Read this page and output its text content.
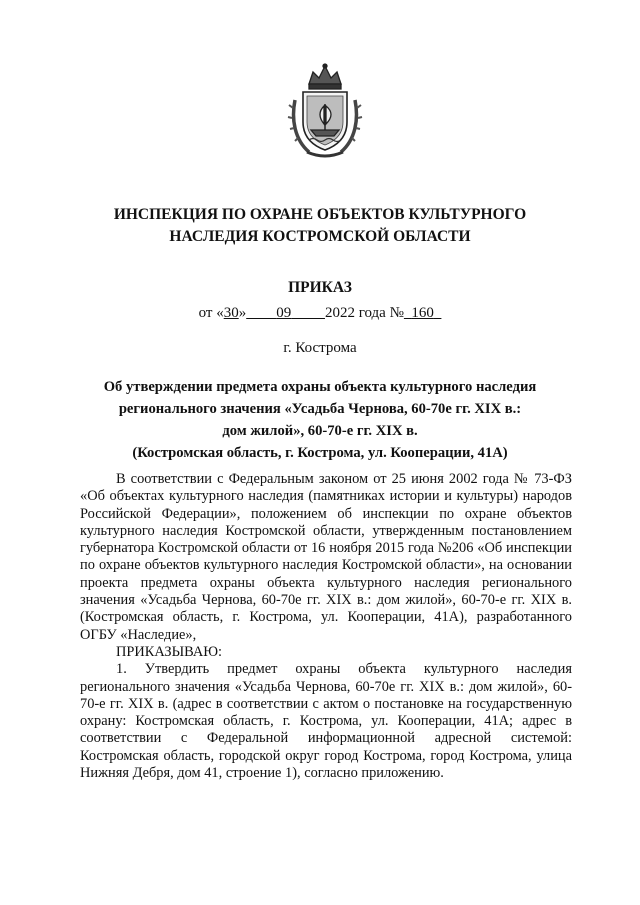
ИНСПЕКЦИЯ ПО ОХРАНЕ ОБЪЕКТОВ КУЛЬТУРНОГО
НАСЛЕДИЯ КОСТРОМСКОЙ ОБЛАСТИ
ПРИКАЗ
от «30» 09 2022 года № 160
г. Кострома
Об утверждении предмета охраны объекта культурного наследия
регионального значения «Усадьба Чернова, 60-70е гг. XIX в.:
дом жилой», 60-70-е гг. XIX в.
(Костромская область, г. Кострома, ул. Кооперации, 41А)

В соответствии с Федеральным законом от 25 июня 2002 года № 73-ФЗ «Об объектах культурного наследия (памятниках истории и культуры) народов Российской Федерации», положением об инспекции по охране объектов культурного наследия Костромской области, утвержденным постановлением губернатора Костромской области от 16 ноября 2015 года №206 «Об инспекции по охране объектов культурного наследия Костромской области», на основании проекта предмета охраны объекта культурного наследия регионального значения «Усадьба Чернова, 60-70е гг. XIX в.: дом жилой», 60-70-е гг. XIX в. (Костромская область, г. Кострома, ул. Кооперации, 41А), разработанного ОГБУ «Наследие»,

ПРИКАЗЫВАЮ:

1. Утвердить предмет охраны объекта культурного наследия регионального значения «Усадьба Чернова, 60-70е гг. XIX в.: дом жилой», 60-70-е гг. XIX в. (адрес в соответствии с актом о постановке на государственную охрану: Костромская область, г. Кострома, ул. Кооперации, 41А; адрес в соответствии с Федеральной информационной адресной системой: Костромская область, городской округ город Кострома, город Кострома, улица Нижняя Дебря, дом 41, строение 1), согласно приложению.
